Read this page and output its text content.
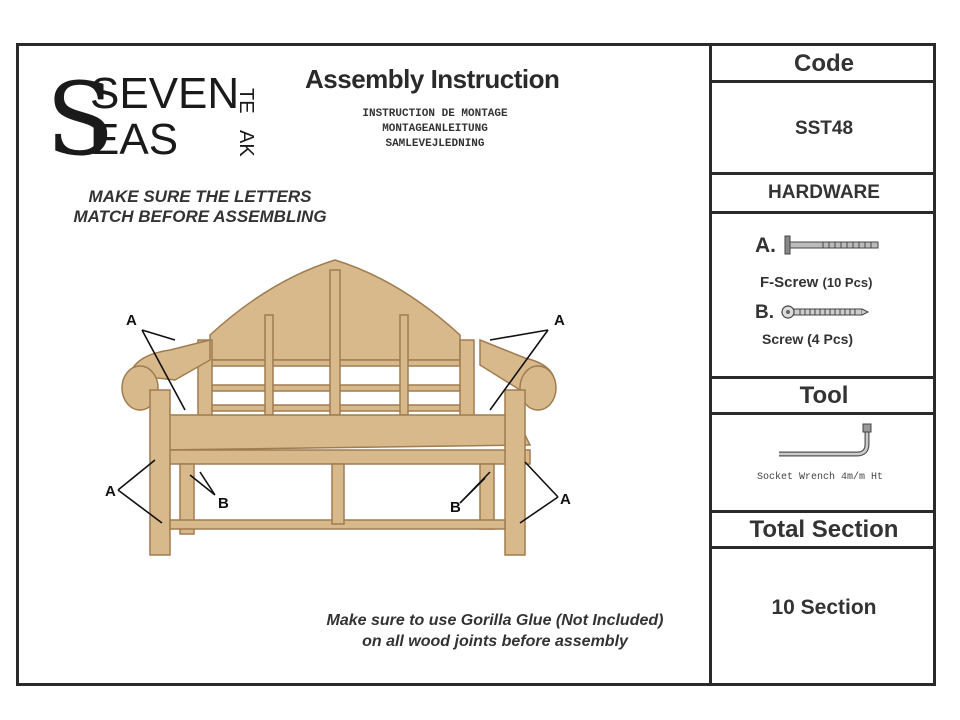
S
SEVEN
EAS
TE
AK
Assembly Instruction
INSTRUCTION DE MONTAGE
MONTAGEANLEITUNG
SAMLEVEJLEDNING
MAKE SURE THE LETTERS
MATCH BEFORE ASSEMBLING
A	A
A	A
B	B
Make sure to use Gorilla Glue (Not Included)
on all wood joints before assembly
Code
SST48
HARDWARE
A.
F-Screw (10 Pcs)
B.
Screw (4 Pcs)
Tool
Socket Wrench 4m/m Ht
Total Section
10 Section
